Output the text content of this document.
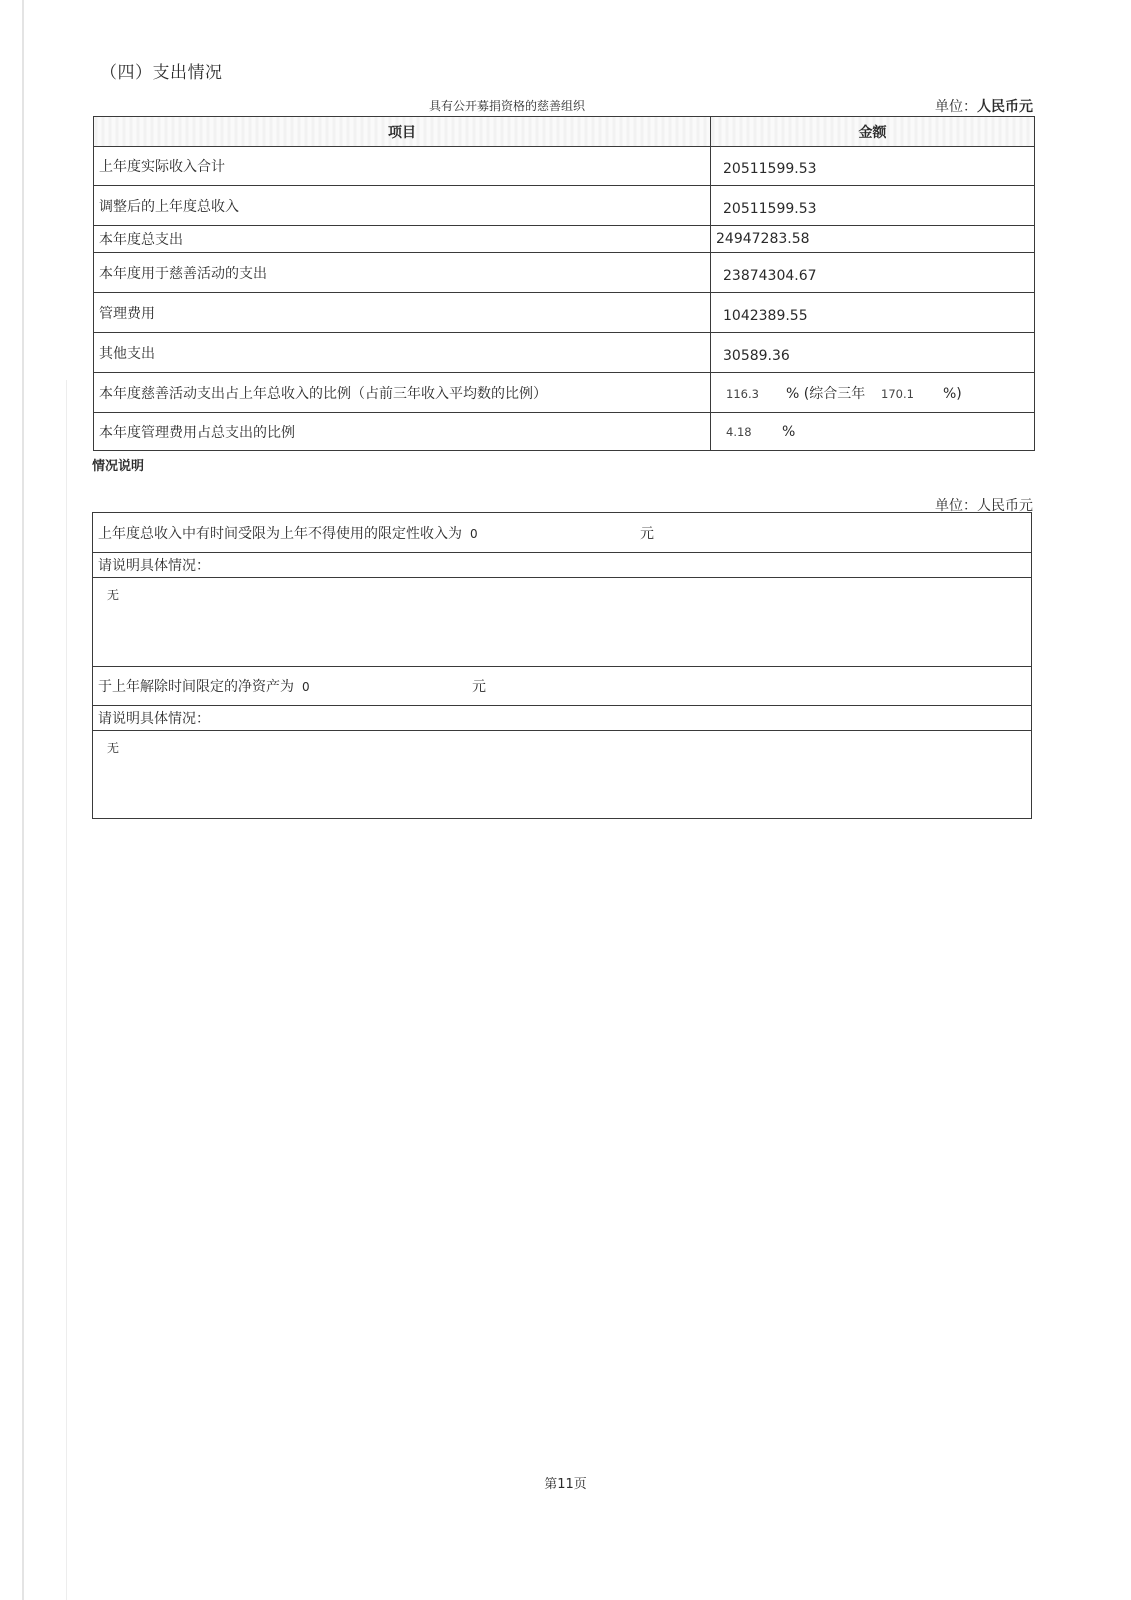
（四）支出情况
具有公开募捐资格的慈善组织	单位：人民币元
项目	金额
上年度实际收入合计	20511599.53
调整后的上年度总收入	20511599.53
本年度总支出	24947283.58
本年度用于慈善活动的支出	23874304.67
管理费用	1042389.55
其他支出	30589.36
本年度慈善活动支出占上年总收入的比例（占前三年收入平均数的比例）	116.3 % (综合三年 170.1 %)
本年度管理费用占总支出的比例	4.18 %
情况说明
单位：人民币元
上年度总收入中有时间受限为上年不得使用的限定性收入为 0	元
请说明具体情况：
无
于上年解除时间限定的净资产为 0	元
请说明具体情况：
无
第11页
